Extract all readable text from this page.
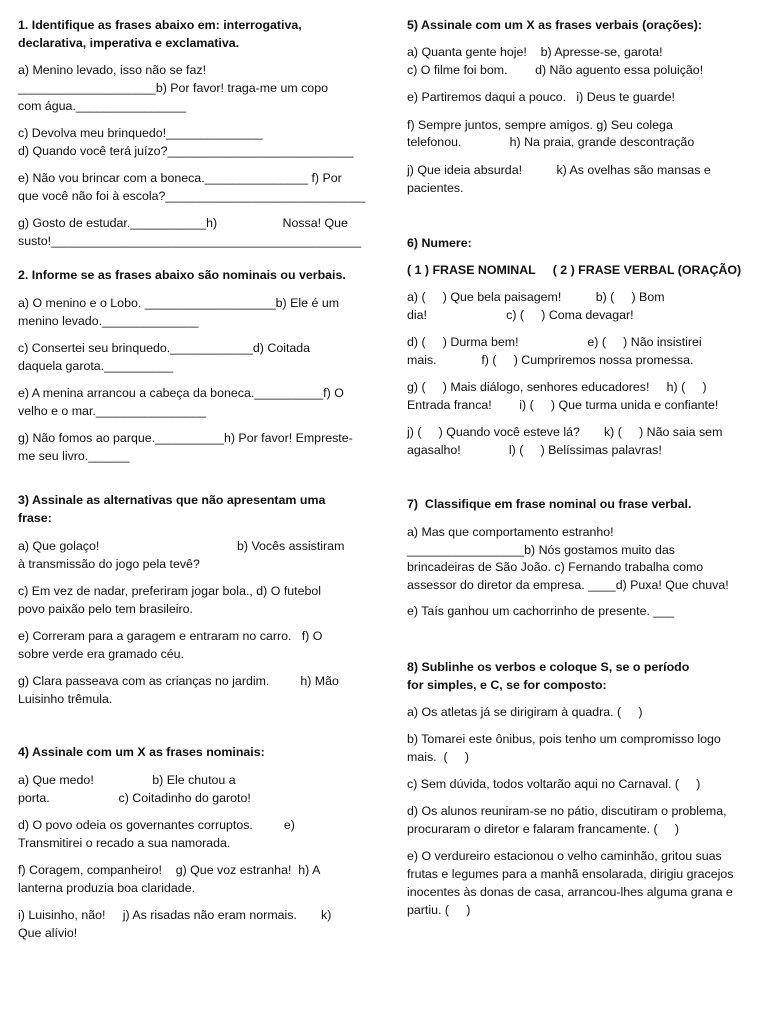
1. Identifique as frases abaixo em: interrogativa,
declarativa, imperativa e exclamativa.
a) Menino levado, isso não se faz!
____________________b) Por favor! traga-me um copo
com água.________________
c) Devolva meu brinquedo!______________
d) Quando você terá juízo?___________________________
e) Não vou brincar com a boneca._______________ f) Por
que você não foi à escola?_____________________________
g) Gosto de estudar.___________h)                   Nossa! Que
susto!_____________________________________________
2. Informe se as frases abaixo são nominais ou verbais.
a) O menino e o Lobo. ___________________b) Ele é um
menino levado.______________
c) Consertei seu brinquedo.____________d) Coitada
daquela garota.__________
e) A menina arrancou a cabeça da boneca.__________f) O
velho e o mar.________________
g) Não fomos ao parque.__________h) Por favor! Empreste-
me seu livro.______
3) Assinale as alternativas que não apresentam uma
frase:
a) Que golaço!                                        b) Vocês assistiram
à transmissão do jogo pela tevê?
c) Em vez de nadar, preferiram jogar bola., d) O futebol
povo paixão pelo tem brasileiro.
e) Correram para a garagem e entraram no carro.   f) O
sobre verde era gramado céu.
g) Clara passeava com as crianças no jardim.         h) Mão
Luisinho trêmula.
4) Assinale com um X as frases nominais:
a) Que medo!                 b) Ele chutou a
porta.                    c) Coitadinho do garoto!
d) O povo odeia os governantes corruptos.         e)
Transmitirei o recado a sua namorada.
f) Coragem, companheiro!    g) Que voz estranha!  h) A
lanterna produzia boa claridade.
i) Luisinho, não!     j) As risadas não eram normais.       k)
Que alívio!
5) Assinale com um X as frases verbais (orações):
a) Quanta gente hoje!    b) Apresse-se, garota!
c) O filme foi bom.        d) Não aguento essa poluição!
e) Partiremos daqui a pouco.   i) Deus te guarde!
f) Sempre juntos, sempre amigos. g) Seu colega
telefonou.              h) Na praia, grande descontração
j) Que ideia absurda!          k) As ovelhas são mansas e
pacientes.
6) Numere:
( 1 ) FRASE NOMINAL     ( 2 ) FRASE VERBAL (ORAÇÃO)
a) (     ) Que bela paisagem!          b) (     ) Bom
dia!                       c) (     ) Coma devagar!
d) (     ) Durma bem!                    e) (     ) Não insistirei
mais.             f) (     ) Cumpriremos nossa promessa.
g) (     ) Mais diálogo, senhores educadores!     h) (     )
Entrada franca!        i) (     ) Que turma unida e confiante!
j) (     ) Quando você esteve lá?       k) (     ) Não saia sem
agasalho!              l) (     ) Belíssimas palavras!
7)  Classifique em frase nominal ou frase verbal.
a) Mas que comportamento estranho!
_________________b) Nós gostamos muito das
brincadeiras de São João. c) Fernando trabalha como
assessor do diretor da empresa. ____d) Puxa! Que chuva!
e) Taís ganhou um cachorrinho de presente. ___
8) Sublinhe os verbos e coloque S, se o período
for simples, e C, se for composto:
a) Os atletas já se dirigiram à quadra. (     )
b) Tomarei este ônibus, pois tenho um compromisso logo
mais.  (     )
c) Sem dúvida, todos voltarão aqui no Carnaval. (     )
d) Os alunos reuniram-se no pátio, discutiram o problema,
procuraram o diretor e falaram francamente. (     )
e) O verdureiro estacionou o velho caminhão, gritou suas
frutas e legumes para a manhã ensolarada, dirigiu gracejos
inocentes às donas de casa, arrancou-lhes alguma grana e
partiu. (     )
